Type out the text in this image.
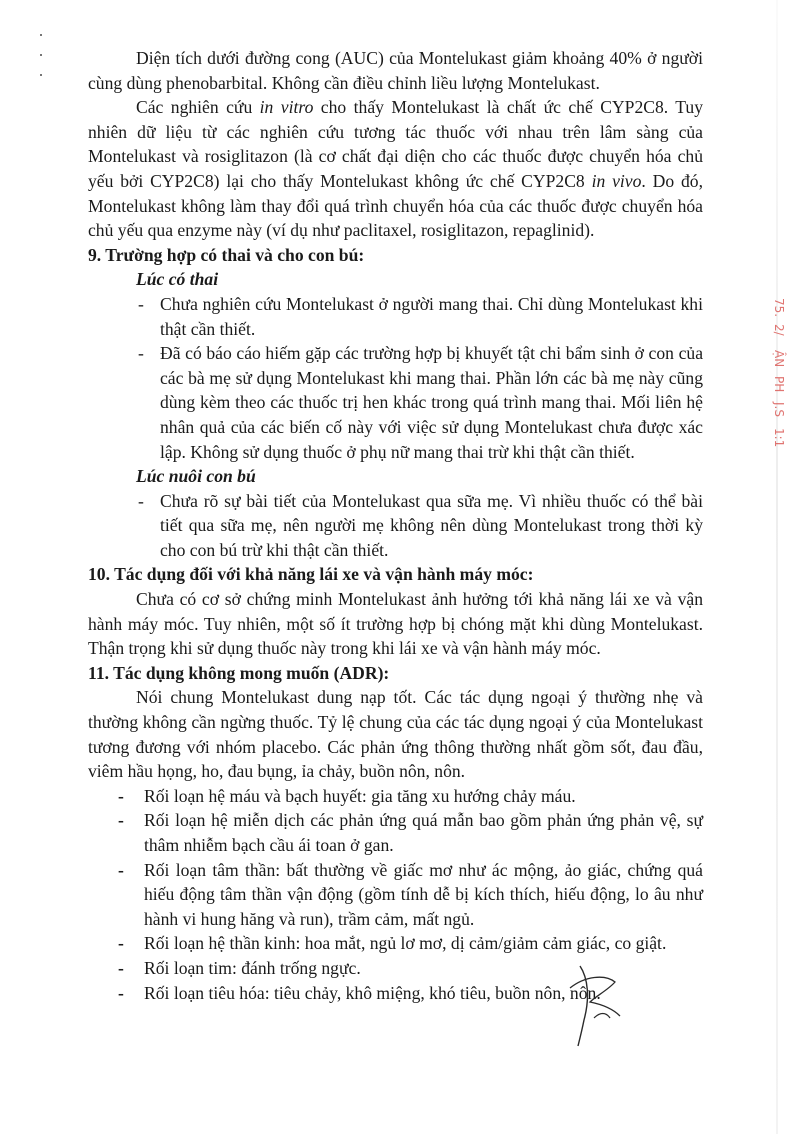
Diện tích dưới đường cong (AUC) của Montelukast giảm khoảng 40% ở người cùng dùng phenobarbital. Không cần điều chỉnh liều lượng Montelukast.

Các nghiên cứu in vitro cho thấy Montelukast là chất ức chế CYP2C8. Tuy nhiên dữ liệu từ các nghiên cứu tương tác thuốc với nhau trên lâm sàng của Montelukast và rosiglitazon (là cơ chất đại diện cho các thuốc được chuyển hóa chủ yếu bởi CYP2C8) lại cho thấy Montelukast không ức chế CYP2C8 in vivo. Do đó, Montelukast không làm thay đổi quá trình chuyển hóa của các thuốc được chuyển hóa chủ yếu qua enzyme này (ví dụ như paclitaxel, rosiglitazon, repaglinid).

9. Trường hợp có thai và cho con bú:

Lúc có thai

- Chưa nghiên cứu Montelukast ở người mang thai. Chỉ dùng Montelukast khi thật cần thiết.

- Đã có báo cáo hiếm gặp các trường hợp bị khuyết tật chi bẩm sinh ở con của các bà mẹ sử dụng Montelukast khi mang thai. Phần lớn các bà mẹ này cũng dùng kèm theo các thuốc trị hen khác trong quá trình mang thai. Mối liên hệ nhân quả của các biến cố này với việc sử dụng Montelukast chưa được xác lập. Không sử dụng thuốc ở phụ nữ mang thai trừ khi thật cần thiết.

Lúc nuôi con bú

- Chưa rõ sự bài tiết của Montelukast qua sữa mẹ. Vì nhiều thuốc có thể bài tiết qua sữa mẹ, nên người mẹ không nên dùng Montelukast trong thời kỳ cho con bú trừ khi thật cần thiết.

10. Tác dụng đối với khả năng lái xe và vận hành máy móc:

Chưa có cơ sở chứng minh Montelukast ảnh hưởng tới khả năng lái xe và vận hành máy móc. Tuy nhiên, một số ít trường hợp bị chóng mặt khi dùng Montelukast. Thận trọng khi sử dụng thuốc này trong khi lái xe và vận hành máy móc.

11. Tác dụng không mong muốn (ADR):

Nói chung Montelukast dung nạp tốt. Các tác dụng ngoại ý thường nhẹ và thường không cần ngừng thuốc. Tỷ lệ chung của các tác dụng ngoại ý của Montelukast tương đương với nhóm placebo. Các phản ứng thông thường nhất gồm sốt, đau đầu, viêm hầu họng, ho, đau bụng, ỉa chảy, buồn nôn, nôn.

- Rối loạn hệ máu và bạch huyết: gia tăng xu hướng chảy máu.

- Rối loạn hệ miễn dịch các phản ứng quá mẫn bao gồm phản ứng phản vệ, sự thâm nhiễm bạch cầu ái toan ở gan.

- Rối loạn tâm thần: bất thường về giấc mơ như ác mộng, ảo giác, chứng quá hiếu động tâm thần vận động (gồm tính dễ bị kích thích, hiếu động, lo âu như hành vi hung hăng và run), trầm cảm, mất ngủ.

- Rối loạn hệ thần kinh: hoa mắt, ngủ lơ mơ, dị cảm/giảm cảm giác, co giật.

- Rối loạn tim: đánh trống ngực.

- Rối loạn tiêu hóa: tiêu chảy, khô miệng, khó tiêu, buồn nôn, nôn.

75.
2/
ẬN
PH
J.S
1:1
